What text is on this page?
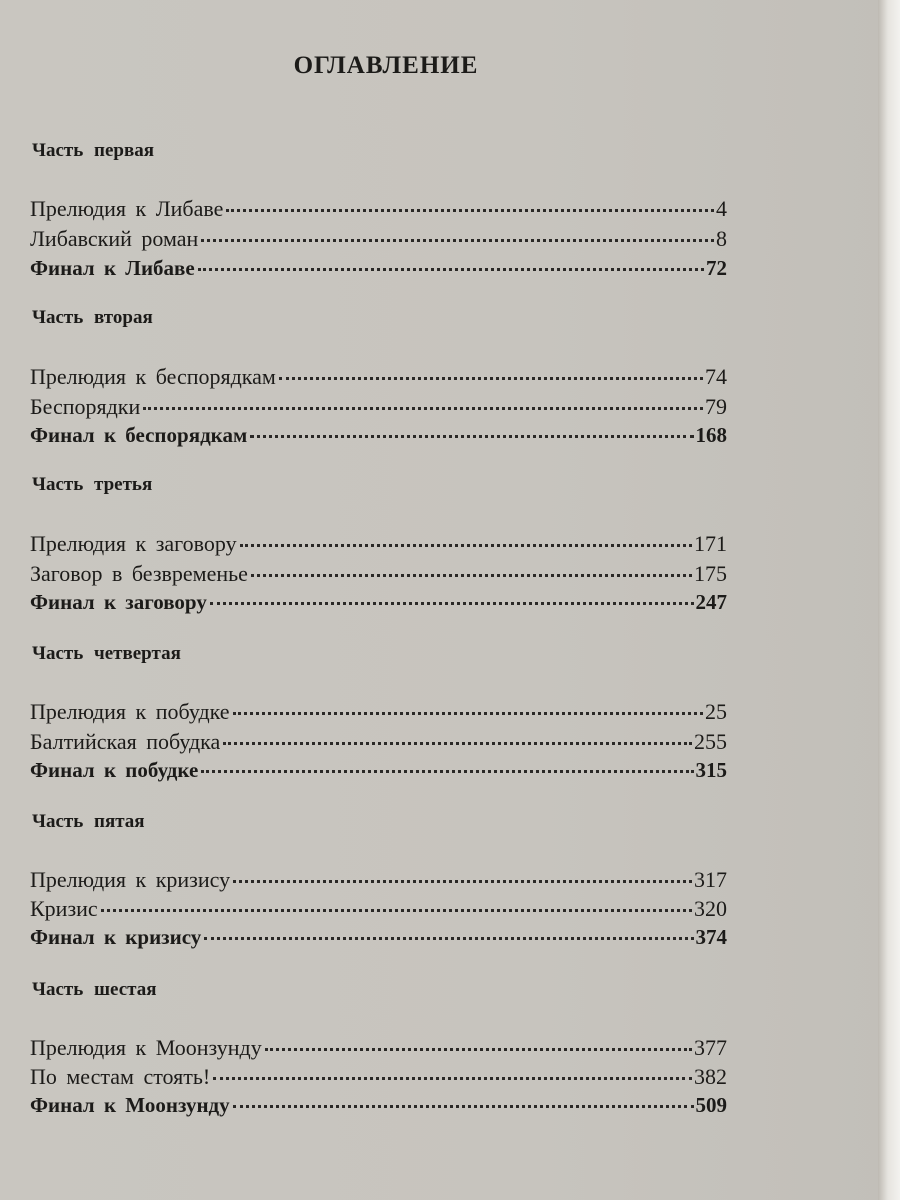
ОГЛАВЛЕНИЕ
Часть первая
Прелюдия к Либаве	4
Либавский роман	8
Финал к Либаве	72
Часть вторая
Прелюдия к беспорядкам	74
Беспорядки	79
Финал к беспорядкам	168
Часть третья
Прелюдия к заговору	171
Заговор в безвременье	175
Финал к заговору	247
Часть четвертая
Прелюдия к побудке	25
Балтийская побудка	255
Финал к побудке	315
Часть пятая
Прелюдия к кризису	317
Кризис	320
Финал к кризису	374
Часть шестая
Прелюдия к Моонзунду	377
По местам стоять!	382
Финал к Моонзунду	509
